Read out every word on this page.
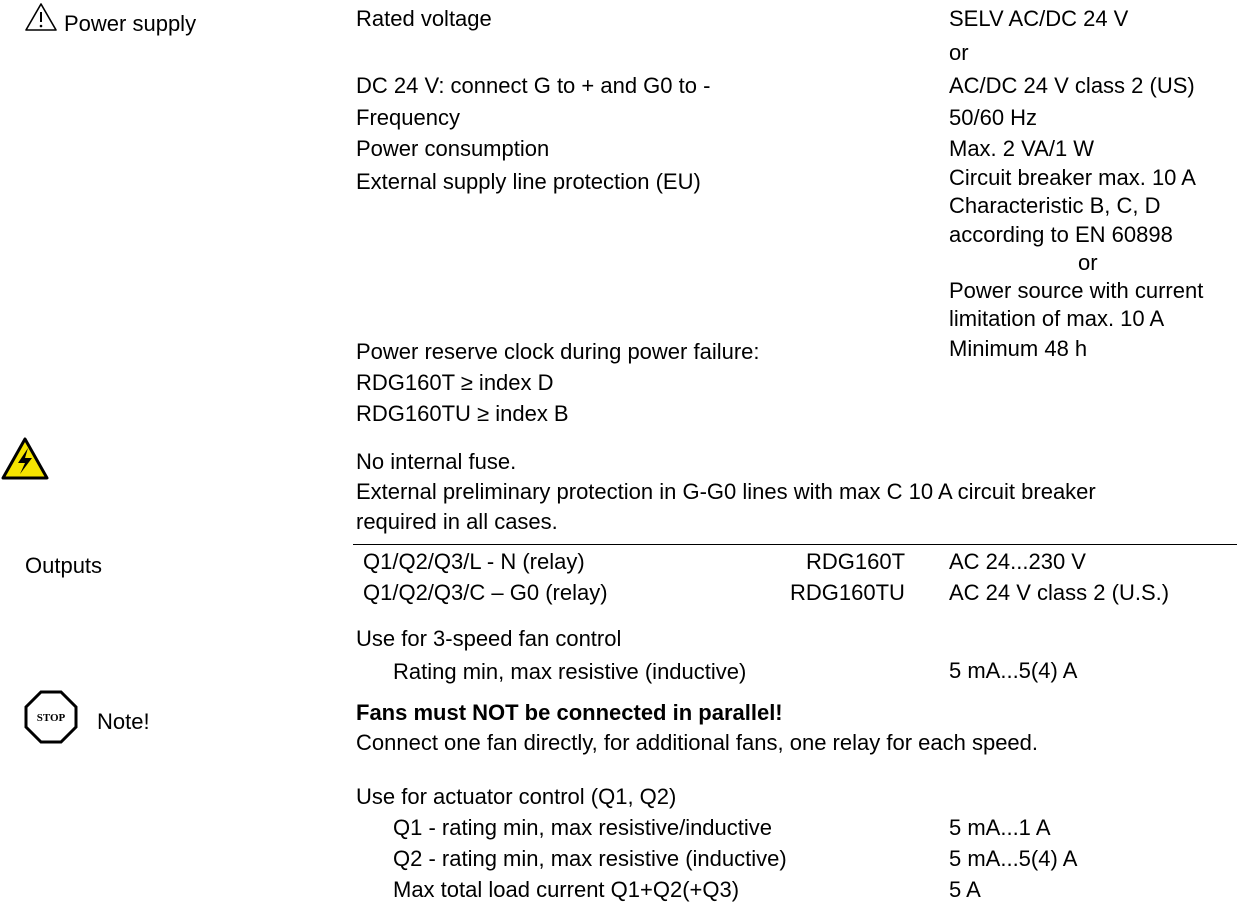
Power supply
Outputs
STOP Note!
Rated voltage	SELV AC/DC 24 V
or
DC 24 V: connect G to + and G0 to -	AC/DC 24 V class 2 (US)
Frequency	50/60 Hz
Power consumption	Max. 2 VA/1 W
External supply line protection (EU)	Circuit breaker max. 10 A
Characteristic B, C, D
according to EN 60898
or
Power source with current
limitation of max. 10 A
Power reserve clock during power failure:	Minimum 48 h
RDG160T ≥ index D
RDG160TU ≥ index B
No internal fuse.
External preliminary protection in G-G0 lines with max C 10 A circuit breaker
required in all cases.
Q1/Q2/Q3/L - N (relay)	RDG160T AC 24...230 V
Q1/Q2/Q3/C – G0 (relay)	RDG160TU AC 24 V class 2 (U.S.)
Use for 3-speed fan control
Rating min, max resistive (inductive)	5 mA...5(4) A
Fans must NOT be connected in parallel!
Connect one fan directly, for additional fans, one relay for each speed.
Use for actuator control (Q1, Q2)
Q1 - rating min, max resistive/inductive	5 mA...1 A
Q2 - rating min, max resistive (inductive)	5 mA...5(4) A
Max total load current Q1+Q2(+Q3)	5 A
